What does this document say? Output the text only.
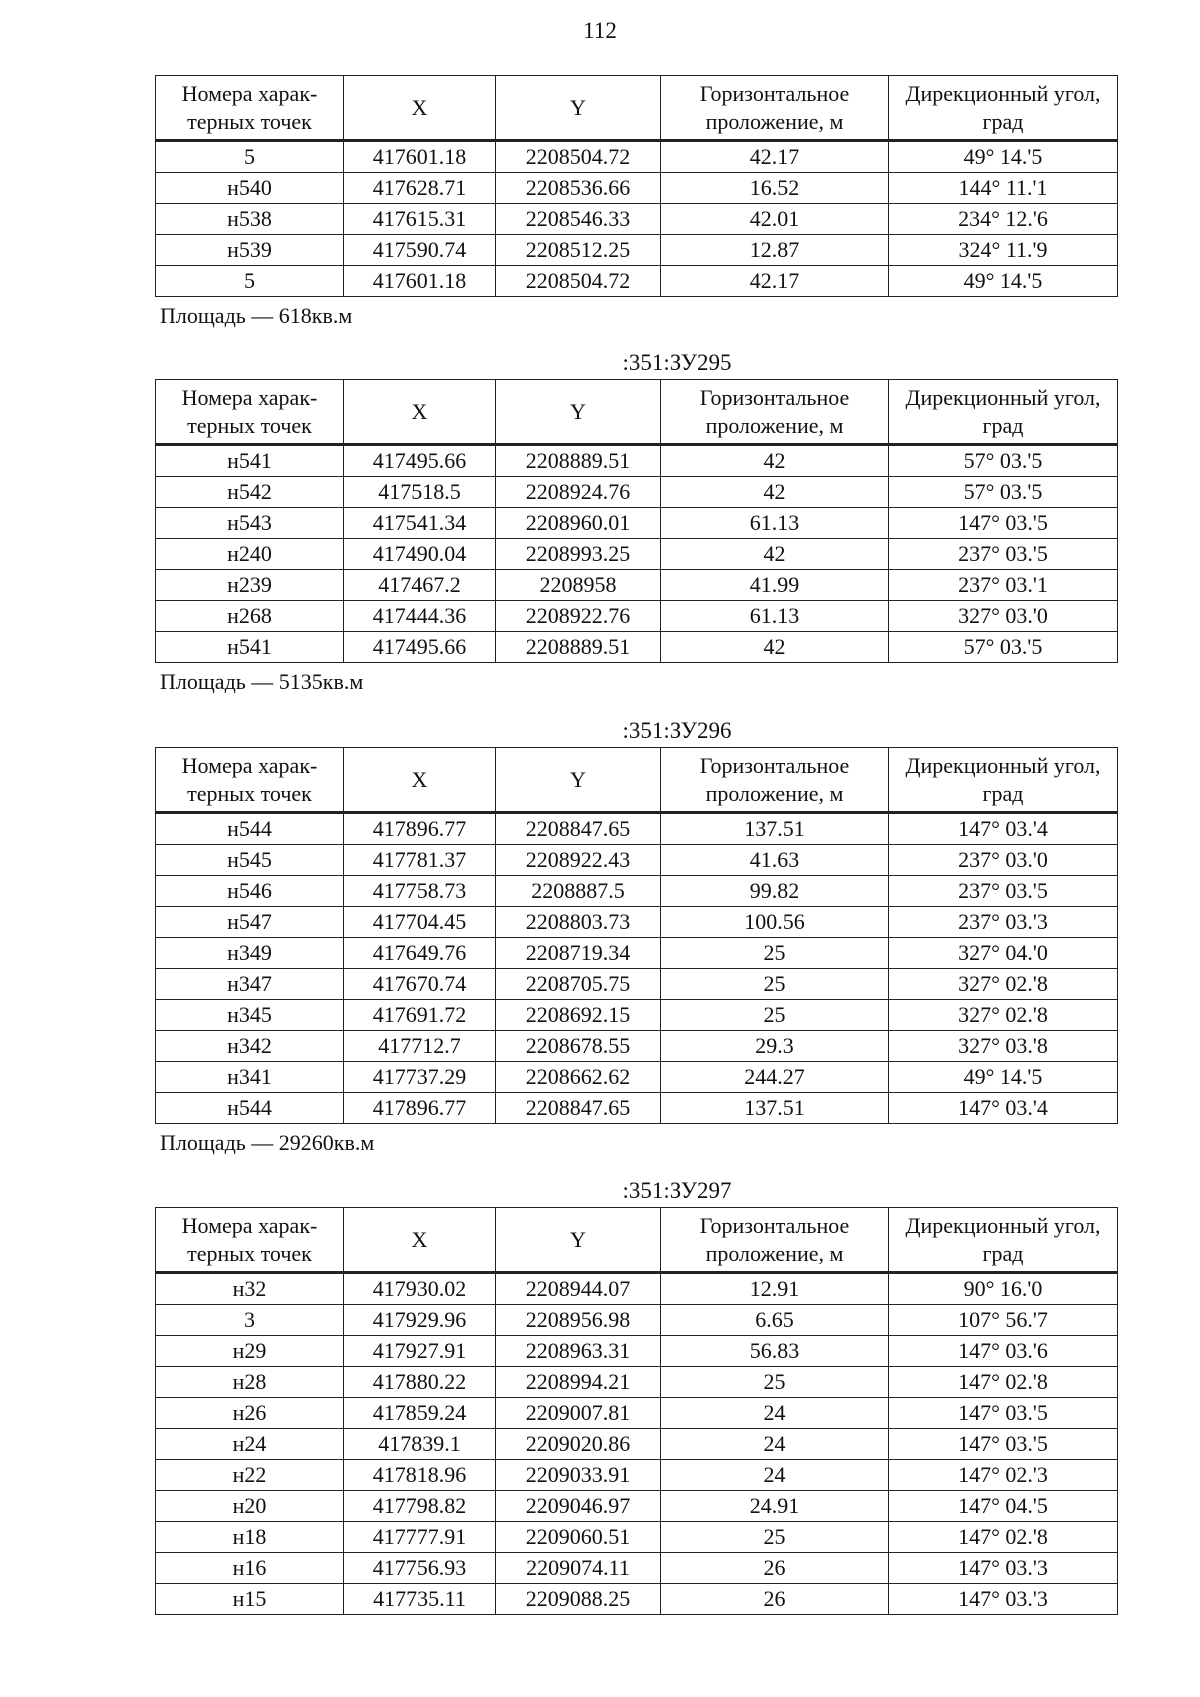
112
Номера харак-терных точек	X	Y	Горизонтальное проложение, м	Дирекционный угол, град
5	417601.18	2208504.72	42.17	49° 14.'5
н540	417628.71	2208536.66	16.52	144° 11.'1
н538	417615.31	2208546.33	42.01	234° 12.'6
н539	417590.74	2208512.25	12.87	324° 11.'9
5	417601.18	2208504.72	42.17	49° 14.'5
Площадь — 618кв.м
:351:ЗУ295
Номера харак-терных точек	X	Y	Горизонтальное проложение, м	Дирекционный угол, град
н541	417495.66	2208889.51	42	57° 03.'5
н542	417518.5	2208924.76	42	57° 03.'5
н543	417541.34	2208960.01	61.13	147° 03.'5
н240	417490.04	2208993.25	42	237° 03.'5
н239	417467.2	2208958	41.99	237° 03.'1
н268	417444.36	2208922.76	61.13	327° 03.'0
н541	417495.66	2208889.51	42	57° 03.'5
Площадь — 5135кв.м
:351:ЗУ296
Номера харак-терных точек	X	Y	Горизонтальное проложение, м	Дирекционный угол, град
н544	417896.77	2208847.65	137.51	147° 03.'4
н545	417781.37	2208922.43	41.63	237° 03.'0
н546	417758.73	2208887.5	99.82	237° 03.'5
н547	417704.45	2208803.73	100.56	237° 03.'3
н349	417649.76	2208719.34	25	327° 04.'0
н347	417670.74	2208705.75	25	327° 02.'8
н345	417691.72	2208692.15	25	327° 02.'8
н342	417712.7	2208678.55	29.3	327° 03.'8
н341	417737.29	2208662.62	244.27	49° 14.'5
н544	417896.77	2208847.65	137.51	147° 03.'4
Площадь — 29260кв.м
:351:ЗУ297
Номера харак-терных точек	X	Y	Горизонтальное проложение, м	Дирекционный угол, град
н32	417930.02	2208944.07	12.91	90° 16.'0
3	417929.96	2208956.98	6.65	107° 56.'7
н29	417927.91	2208963.31	56.83	147° 03.'6
н28	417880.22	2208994.21	25	147° 02.'8
н26	417859.24	2209007.81	24	147° 03.'5
н24	417839.1	2209020.86	24	147° 03.'5
н22	417818.96	2209033.91	24	147° 02.'3
н20	417798.82	2209046.97	24.91	147° 04.'5
н18	417777.91	2209060.51	25	147° 02.'8
н16	417756.93	2209074.11	26	147° 03.'3
н15	417735.11	2209088.25	26	147° 03.'3
